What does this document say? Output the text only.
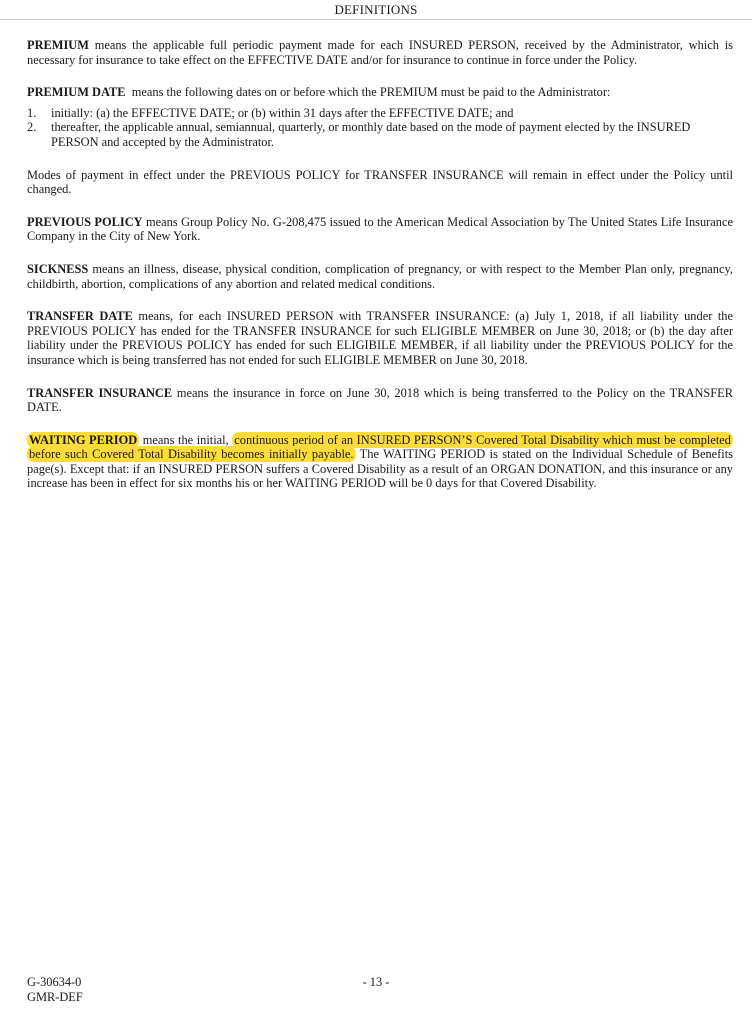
DEFINITIONS

PREMIUM means the applicable full periodic payment made for each INSURED PERSON, received by the Administrator, which is necessary for insurance to take effect on the EFFECTIVE DATE and/or for insurance to continue in force under the Policy.

PREMIUM DATE  means the following dates on or before which the PREMIUM must be paid to the Administrator:

1. initially: (a) the EFFECTIVE DATE; or (b) within 31 days after the EFFECTIVE DATE; and
2. thereafter, the applicable annual, semiannual, quarterly, or monthly date based on the mode of payment elected by the INSURED PERSON and accepted by the Administrator.

Modes of payment in effect under the PREVIOUS POLICY for TRANSFER INSURANCE will remain in effect under the Policy until changed.

PREVIOUS POLICY means Group Policy No. G-208,475 issued to the American Medical Association by The United States Life Insurance Company in the City of New York.

SICKNESS means an illness, disease, physical condition, complication of pregnancy, or with respect to the Member Plan only, pregnancy, childbirth, abortion, complications of any abortion and related medical conditions.

TRANSFER DATE means, for each INSURED PERSON with TRANSFER INSURANCE: (a) July 1, 2018, if all liability under the PREVIOUS POLICY has ended for the TRANSFER INSURANCE for such ELIGIBLE MEMBER on June 30, 2018; or (b) the day after liability under the PREVIOUS POLICY has ended for such ELIGIBILE MEMBER, if all liability under the PREVIOUS POLICY for the insurance which is being transferred has not ended for such ELIGIBLE MEMBER on June 30, 2018.

TRANSFER INSURANCE means the insurance in force on June 30, 2018 which is being transferred to the Policy on the TRANSFER DATE.

WAITING PERIOD means the initial, continuous period of an INSURED PERSON’S Covered Total Disability which must be completed before such Covered Total Disability becomes initially payable. The WAITING PERIOD is stated on the Individual Schedule of Benefits page(s). Except that: if an INSURED PERSON suffers a Covered Disability as a result of an ORGAN DONATION, and this insurance or any increase has been in effect for six months his or her WAITING PERIOD will be 0 days for that Covered Disability.

G-30634-0
GMR-DEF
- 13 -
